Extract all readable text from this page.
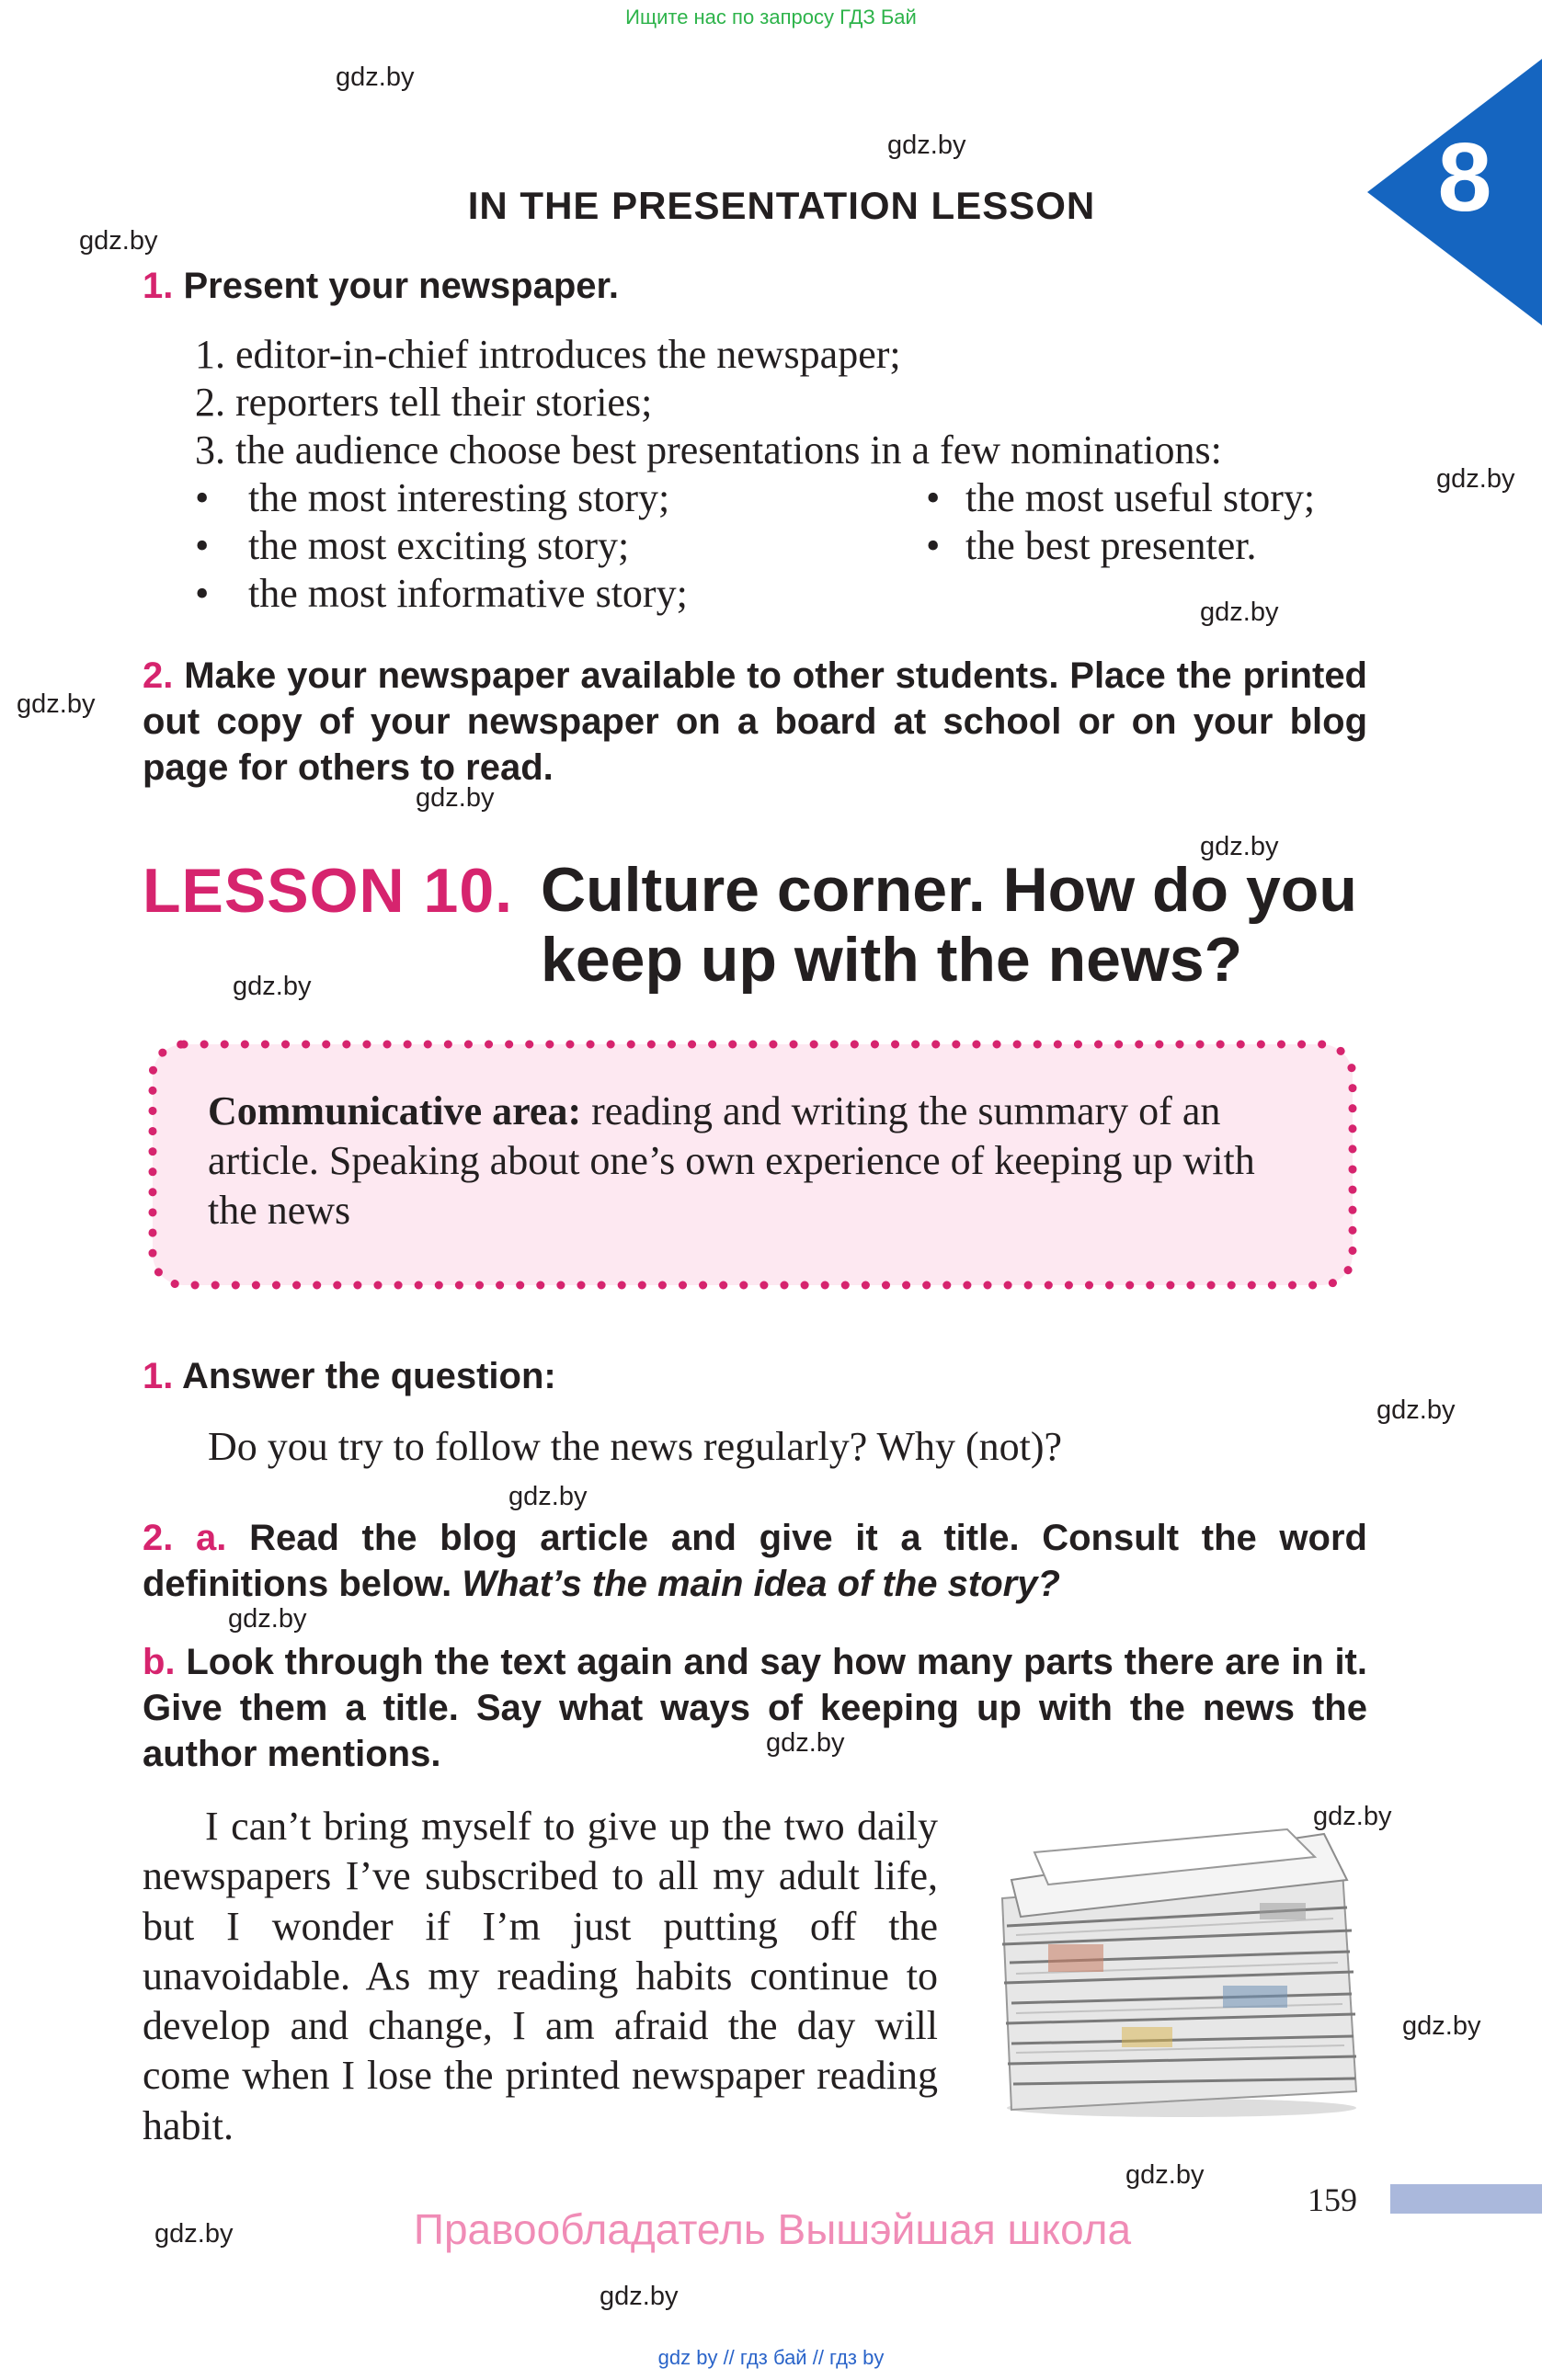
Ищите нас по запросу ГДЗ Бай
gdz.by
gdz.by
gdz.by
gdz.by
gdz.by
gdz.by
gdz.by
gdz.by
gdz.by
gdz.by
gdz.by
gdz.by
gdz.by
gdz.by
gdz.by
gdz.by
gdz.by
gdz.by
8
IN THE PRESENTATION LESSON
1. Present your newspaper.
1. editor-in-chief introduces the newspaper;
2. reporters tell their stories;
3. the audience choose best presentations in a few nominations:
• the most interesting story;
• the most exciting story;
• the most informative story;
• the most useful story;
• the best presenter.
2. Make your newspaper available to other students. Place the printed out copy of your newspaper on a board at school or on your blog page for others to read.
LESSON 10. Culture corner. How do you
keep up with the news?
Communicative area: reading and writing the summary of an article. Speaking about one’s own experience of keeping up with the news
1. Answer the question:
Do you try to follow the news regularly? Why (not)?
2. a. Read the blog article and give it a title. Consult the word definitions below. What’s the main idea of the story?
b. Look through the text again and say how many parts there are in it. Give them a title. Say what ways of keeping up with the news the author mentions.
I can’t bring myself to give up the two daily newspapers I’ve subscribed to all my adult life, but I wonder if I’m just putting off the unavoidable. As my reading habits continue to develop and change, I am afraid the day will come when I lose the printed newspaper reading habit.
159
Правообладатель Вышэйшая школа
gdz by // гдз бай // гдз by
